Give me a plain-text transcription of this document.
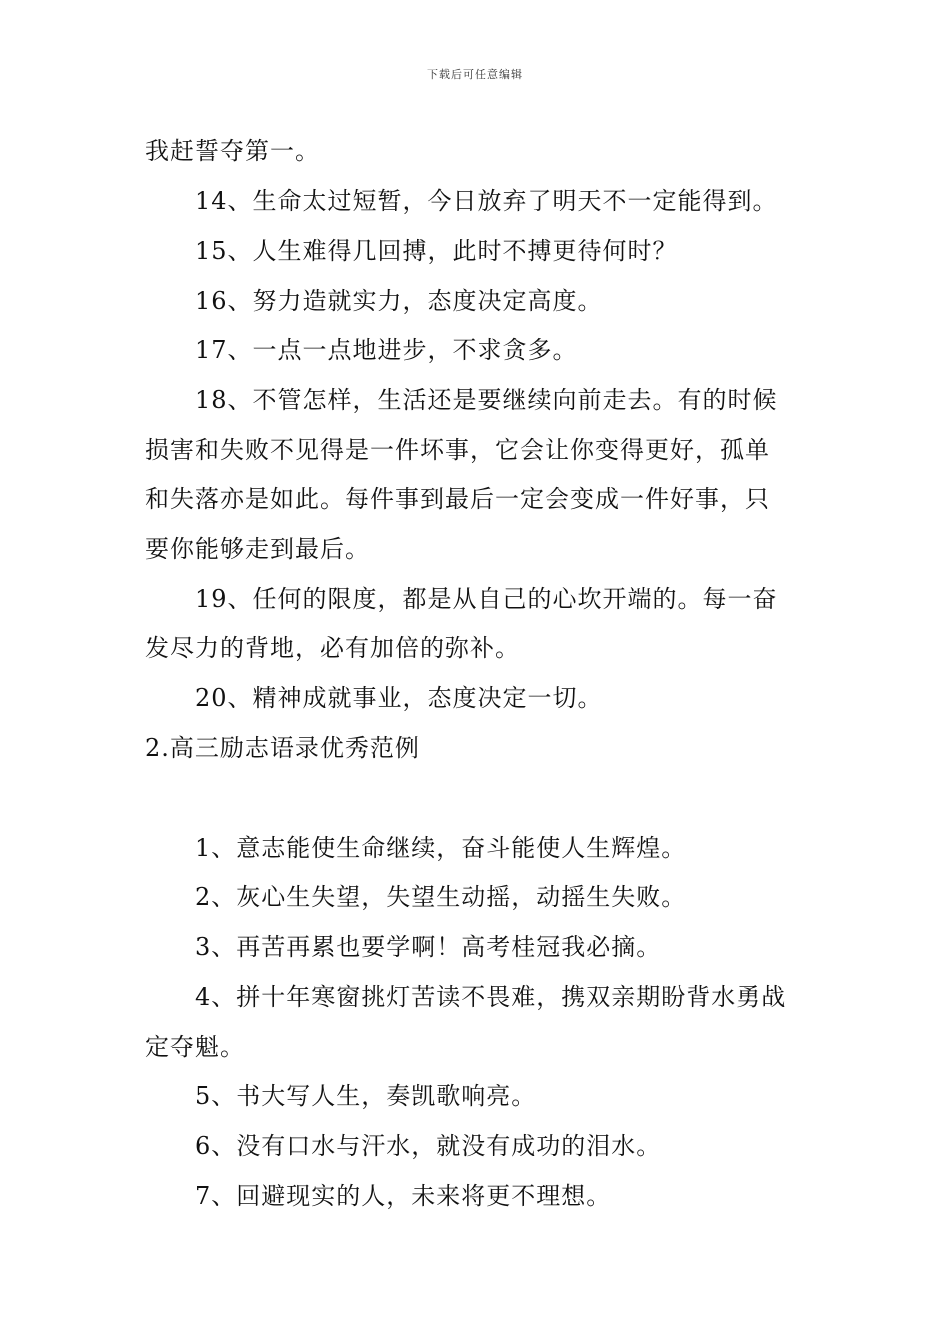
下载后可任意编辑
我赶誓夺第一。
14、生命太过短暂，今日放弃了明天不一定能得到。
15、人生难得几回搏，此时不搏更待何时？
16、努力造就实力，态度决定高度。
17、一点一点地进步，不求贪多。
18、不管怎样，生活还是要继续向前走去。有的时候
损害和失败不见得是一件坏事，它会让你变得更好，孤单
和失落亦是如此。每件事到最后一定会变成一件好事，只
要你能够走到最后。
19、任何的限度，都是从自己的心坎开端的。每一奋
发尽力的背地，必有加倍的弥补。
20、精神成就事业，态度决定一切。
2.高三励志语录优秀范例
1、意志能使生命继续，奋斗能使人生辉煌。
2、灰心生失望，失望生动摇，动摇生失败。
3、再苦再累也要学啊！高考桂冠我必摘。
4、拼十年寒窗挑灯苦读不畏难，携双亲期盼背水勇战
定夺魁。
5、书大写人生，奏凯歌响亮。
6、没有口水与汗水，就没有成功的泪水。
7、回避现实的人，未来将更不理想。
